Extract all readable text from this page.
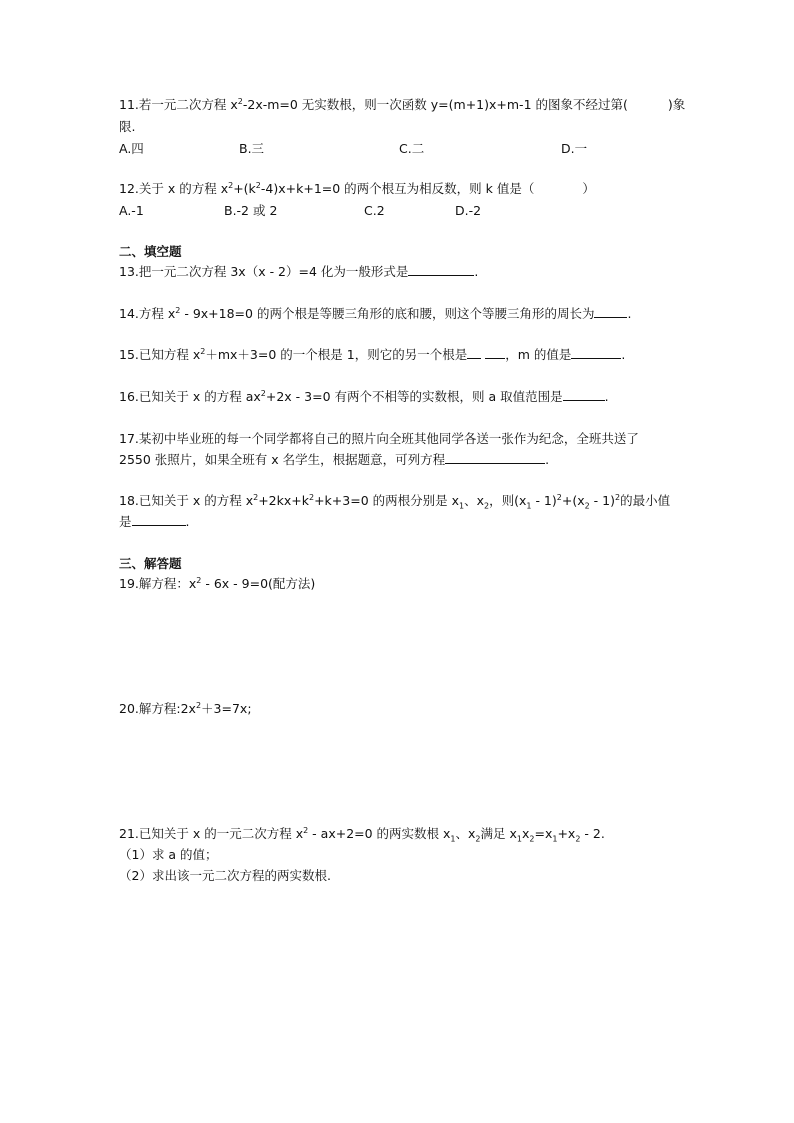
11.若一元二次方程 $x^2-2x-m=0$ 无实数根，则一次函数 y=(m+1)x+m-1 的图象不经过第(	)象
限.
A.四	B.三	C.二	D.一
12.关于 x 的方程 $x^2+(k^2-4)x+k+1=0$ 的两个根互为相反数，则 k 值是（	）
A.-1	B.-2 或 2	C.2	D.-2
二、填空题
13.把一元二次方程 3x（x - 2）=4 化为一般形式是	.
14.方程 $x^2 - 9x+18=0$ 的两个根是等腰三角形的底和腰，则这个等腰三角形的周长为	.
15.已知方程 $x^2+mx+3=0$ 的一个根是 1，则它的另一个根是	，m 的值是	.
16.已知关于 x 的方程 $ax^2+2x - 3=0$ 有两个不相等的实数根，则 a 取值范围是	.
17.某初中毕业班的每一个同学都将自己的照片向全班其他同学各送一张作为纪念，全班共送了
2550 张照片，如果全班有 x 名学生，根据题意，可列方程	.
18.已知关于 x 的方程 $x^2+2kx+k^2+k+3=0$ 的两根分别是 $x_1$、$x_2$，则$(x_1 - 1)^2+(x_2 - 1)^2$的最小值
是	.
三、解答题
19.解方程：$x^2 - 6x - 9=0$(配方法)
20.解方程$:2x^2+3=7x$;
21.已知关于 x 的一元二次方程 $x^2 - ax+2=0$ 的两实数根 $x_1$、$x_2$满足 $x_1x_2=x_1+x_2 - 2$.
（1）求 a 的值；
（2）求出该一元二次方程的两实数根.
